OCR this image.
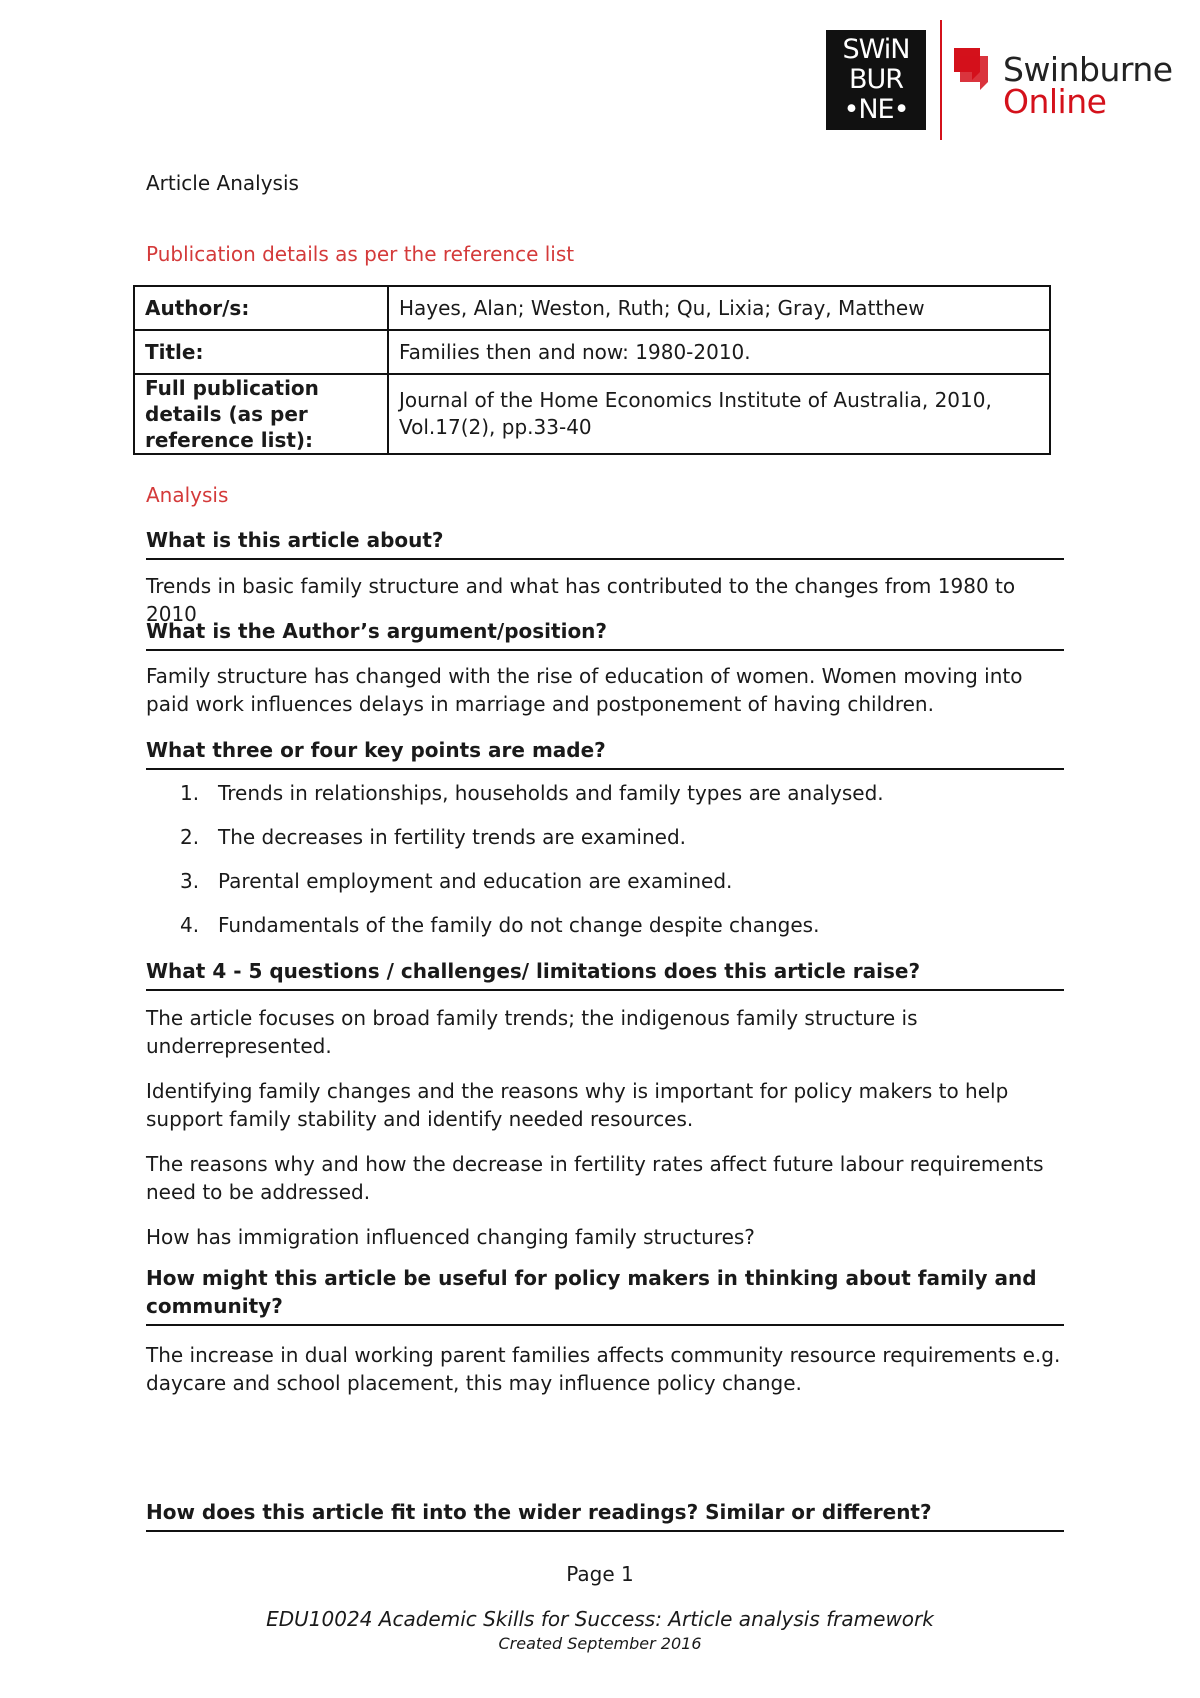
SWiN
BUR
•NE•
Swinburne
Online
Article Analysis
Publication details as per the reference list
Author/s:	Hayes, Alan; Weston, Ruth; Qu, Lixia; Gray, Matthew
Title:	Families then and now: 1980-2010.
Full publication details (as per reference list):	Journal of the Home Economics Institute of Australia, 2010, Vol.17(2), pp.33-40
Analysis
What is this article about?
Trends in basic family structure and what has contributed to the changes from 1980 to 2010
What is the Author’s argument/position?
Family structure has changed with the rise of education of women. Women moving into paid work influences delays in marriage and postponement of having children.
What three or four key points are made?
1. Trends in relationships, households and family types are analysed.
2. The decreases in fertility trends are examined.
3. Parental employment and education are examined.
4. Fundamentals of the family do not change despite changes.
What 4 - 5 questions / challenges/ limitations does this article raise?
The article focuses on broad family trends; the indigenous family structure is underrepresented.
Identifying family changes and the reasons why is important for policy makers to help support family stability and identify needed resources.
The reasons why and how the decrease in fertility rates affect future labour requirements need to be addressed.
How has immigration influenced changing family structures?
How might this article be useful for policy makers in thinking about family and community?
The increase in dual working parent families affects community resource requirements e.g. daycare and school placement, this may influence policy change.
How does this article fit into the wider readings? Similar or different?
Page 1
EDU10024 Academic Skills for Success: Article analysis framework
Created September 2016
